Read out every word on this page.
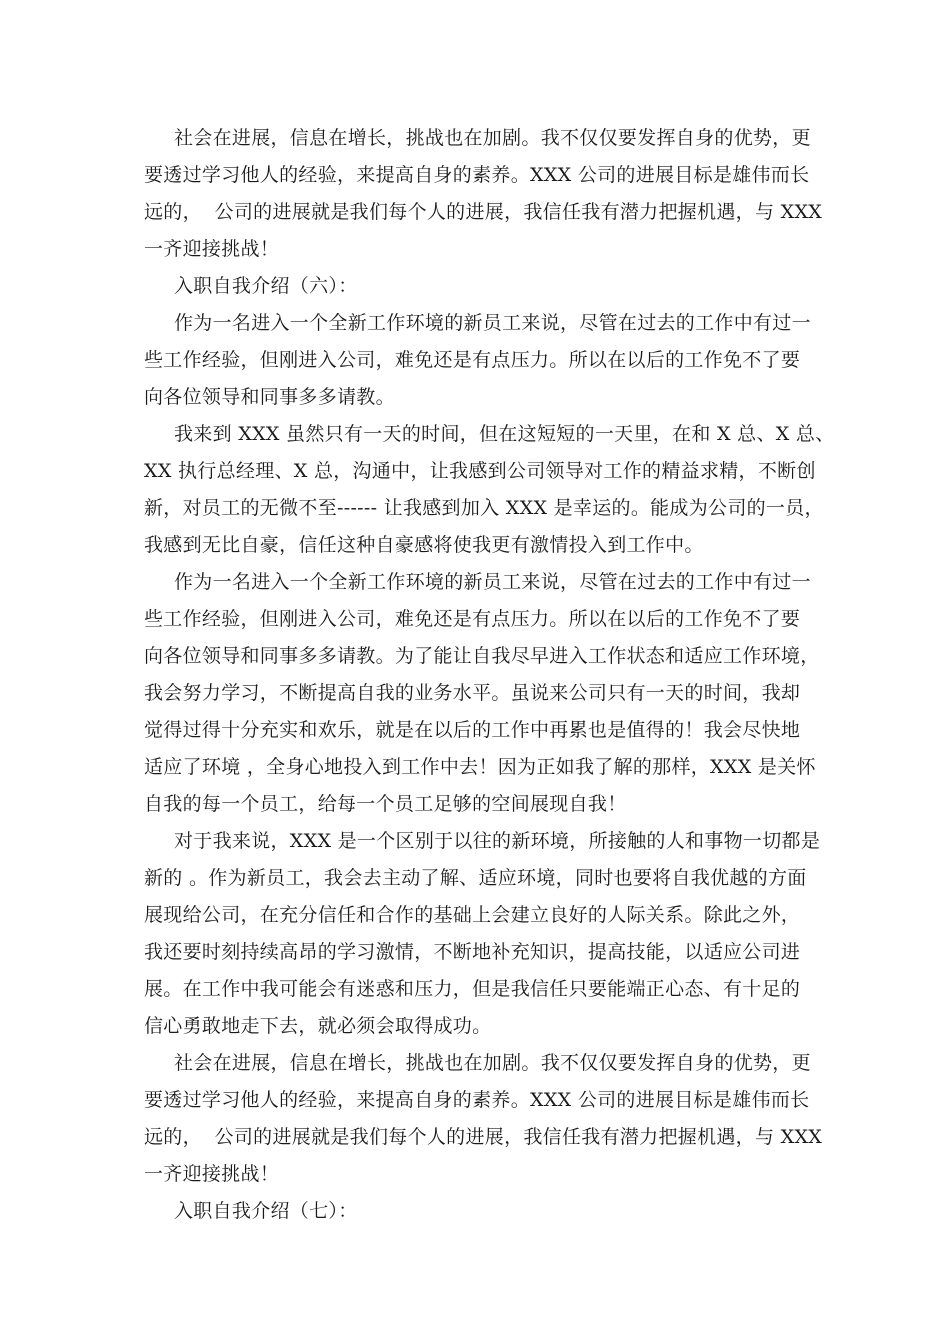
社会在进展，信息在增长，挑战也在加剧。我不仅仅要发挥自身的优势，更
要透过学习他人的经验，来提高自身的素养。XXX 公司的进展目标是雄伟而长
远的，  公司的进展就是我们每个人的进展，我信任我有潜力把握机遇，与 XXX
一齐迎接挑战！
入职自我介绍（六）：
作为一名进入一个全新工作环境的新员工来说，尽管在过去的工作中有过一
些工作经验，但刚进入公司，难免还是有点压力。所以在以后的工作免不了要
向各位领导和同事多多请教。
我来到 XXX 虽然只有一天的时间，但在这短短的一天里，在和 X 总、X 总、
XX 执行总经理、X 总，沟通中，让我感到公司领导对工作的精益求精，不断创
新，对员工的无微不至------ 让我感到加入 XXX 是幸运的。能成为公司的一员，
我感到无比自豪，信任这种自豪感将使我更有激情投入到工作中。
作为一名进入一个全新工作环境的新员工来说，尽管在过去的工作中有过一
些工作经验，但刚进入公司，难免还是有点压力。所以在以后的工作免不了要
向各位领导和同事多多请教。为了能让自我尽早进入工作状态和适应工作环境，
我会努力学习，不断提高自我的业务水平。虽说来公司只有一天的时间，我却
觉得过得十分充实和欢乐，就是在以后的工作中再累也是值得的！我会尽快地
适应了环境 ，全身心地投入到工作中去！因为正如我了解的那样，XXX 是关怀
自我的每一个员工，给每一个员工足够的空间展现自我！
对于我来说，XXX 是一个区别于以往的新环境，所接触的人和事物一切都是
新的 。作为新员工，我会去主动了解、适应环境，同时也要将自我优越的方面
展现给公司，在充分信任和合作的基础上会建立良好的人际关系。除此之外，
我还要时刻持续高昂的学习激情，不断地补充知识，提高技能，以适应公司进
展。在工作中我可能会有迷惑和压力，但是我信任只要能端正心态、有十足的
信心勇敢地走下去，就必须会取得成功。
社会在进展，信息在增长，挑战也在加剧。我不仅仅要发挥自身的优势，更
要透过学习他人的经验，来提高自身的素养。XXX 公司的进展目标是雄伟而长
远的，  公司的进展就是我们每个人的进展，我信任我有潜力把握机遇，与 XXX
一齐迎接挑战！
入职自我介绍（七）：
